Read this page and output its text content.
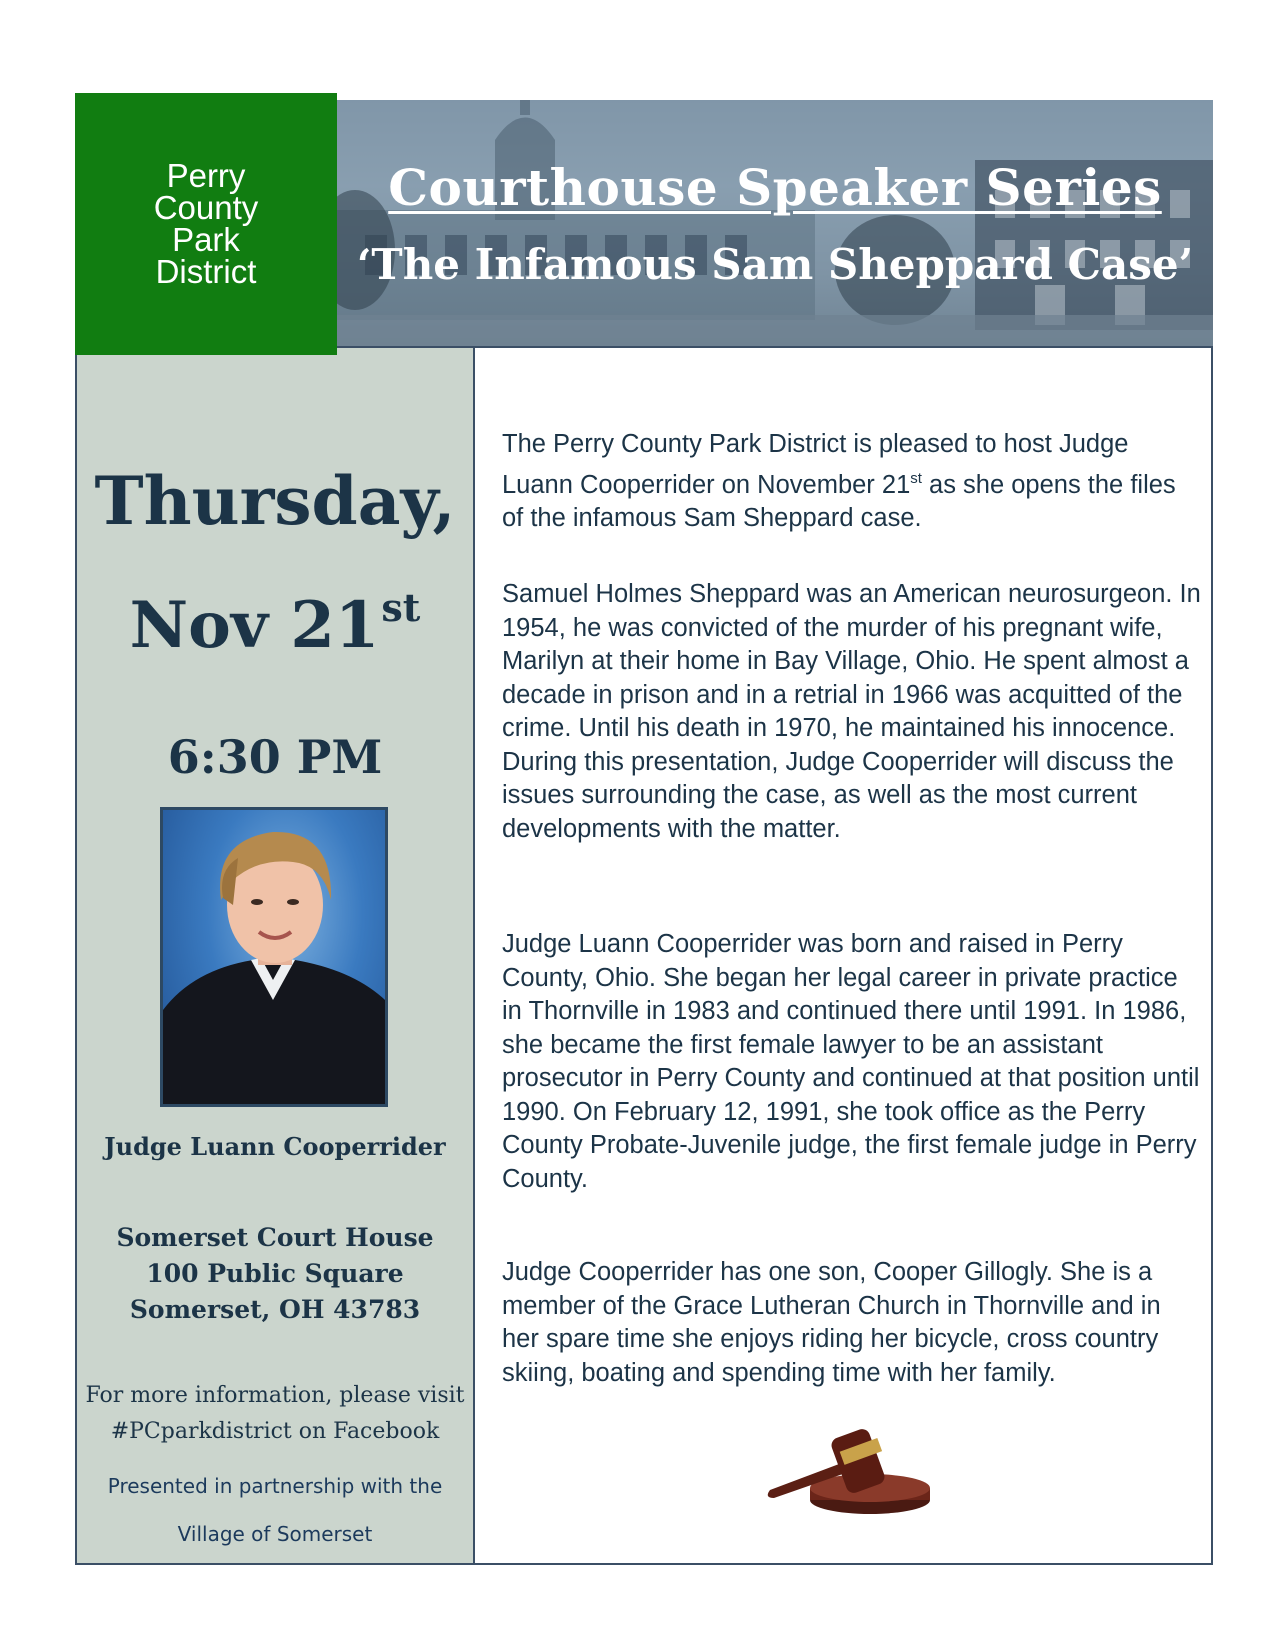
Perry
County
Park
District
Courthouse Speaker Series
‘The Infamous Sam Sheppard Case’
Thursday,
Nov 21st
6:30 PM
Judge Luann Cooperrider
Somerset Court House
100 Public Square
Somerset, OH 43783
For more information, please visit
#PCparkdistrict on Facebook
Presented in partnership with the
Village of Somerset
The Perry County Park District is pleased to host Judge Luann Cooperrider on November 21st as she opens the files of the infamous Sam Sheppard case.
Samuel Holmes Sheppard was an American neurosurgeon. In 1954, he was convicted of the murder of his pregnant wife, Marilyn at their home in Bay Village, Ohio. He spent almost a decade in prison and in a retrial in 1966 was acquitted of the crime. Until his death in 1970, he maintained his innocence. During this presentation, Judge Cooperrider will discuss the issues surrounding the case, as well as the most current developments with the matter.
Judge Luann Cooperrider was born and raised in Perry County, Ohio. She began her legal career in private practice in Thornville in 1983 and continued there until 1991. In 1986, she became the first female lawyer to be an assistant prosecutor in Perry County and continued at that position until 1990. On February 12, 1991, she took office as the Perry County Probate-Juvenile judge, the first female judge in Perry County.
Judge Cooperrider has one son, Cooper Gillogly. She is a member of the Grace Lutheran Church in Thornville and in her spare time she enjoys riding her bicycle, cross country skiing, boating and spending time with her family.
